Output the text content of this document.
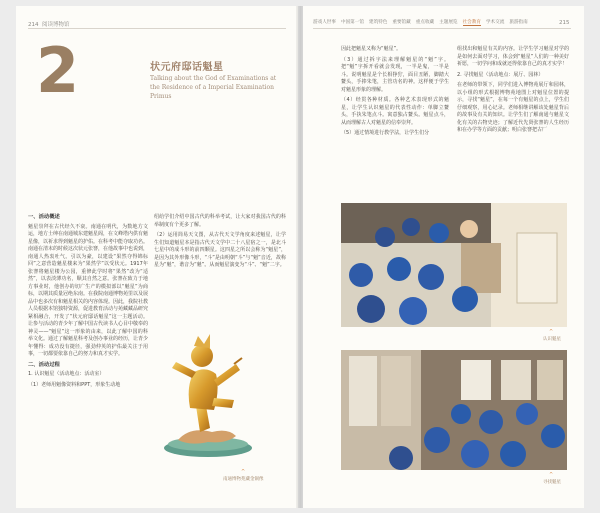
214 阅读博物馆
2	状元府邸话魁星
Talking about the God of Examinations at the Residence of a Imperial Examination Primus
一、活动概述

魁星崇拜在古代经久不衰。南通在明代，为数地方文运，地方士绅在南通城东建魁星阁，在文峰塔内供有魁星像，以祈求得到魁星的护佑。在科考中能夺取功名。南通在清末的时候这次状元张謇，在他故事中也说到，南通人热衷吐气。引以为豪，以建设“果然夺得锦标回”之意营造魁星楼来为“果然学”以受状元。1917年张謇将魁星楼为公园，重修此学时将“果然”改为“适然”，以表淡薄功名，顺其自然之意。张謇在致力于地方事业时，他创办的切广生产的模拟部以“魁星”为商标，以期其质量冠绝东南。在我院南通博物苑里以及展品中也多次有和魁星相关的内容体现。因此，我院社教人员根据本馆独特资源，促进教育活动与苑藏藏品研究紧相融合，开发了“状元府邸话魁星”这一主题活动。让参与活动的青少年了解中国古代读书人心目中敬奉的神灵——“魁星”这一形象的由来，以此了解中国的科举文化。通过了解魁星科考及创办事业的经历，让青少年懂得：成功没有捷径，强劲仲英的护佑最关注于用事，一切都要依靠自己的努力和真才实学。

二、活动过程

1. 认识魁星（活动地点：活动室）

（1）老师用魁像资料和PPT，形象生动地

绍给学们介绍中国古代的科举考试，让大家对我国古代的科举制度有个更多了解。

（2）运用简易天文图，从古代天文学角度来述魁星，让学生们知道魁星本是指古代天文学中二十八星宿之一，是北斗七星中的成斗形的前四颗星。这四星之所以会称为“魁星”，是因为其外形像斗形，“斗”是由明朝“斗”与“魁”音近，故称星为“魁”，谐音为“魁”。从而魁星演变为“斗”、“魁”二字。

^
南通博物苑藏金铜像
游戏人世事 中国第一馆 建筑特色 重要馆藏 重点收藏 主题展览 社会教育 学术交流 旅游指南	215

因此把魁星又称为“魁星”。

（3）通过拆字法来理解魁星的“魁”字。把“魁”字拆开看就会发现，一半是鬼，一半是斗。说明魁星是个长相狰狞，面目丑陋，脚踏大鳌头，手捧朱笔，主管功名的神。这样便于学生对魁星形象的理解。

（4）经贯各种材质。各种艺术表现形式的魁星，让学生认识魁星的代表性动作：单脚立鳌头，手执朱笔点斗。寓意独占鳌头。魁星点斗，从而理解古人对魁星的信奉崇拜。

（5）通过情境进行教学法，让学生们分

组找出和魁星有关的内容。让学生学习魁星对学的是如何去面对学习，体会到“魁星”人们的一种美好祈愿，一切学问和成就还得依靠自己的真才实学！

2. 寻找魁星（活动地点：展厅、园林）

在老师的带领下，同学们进入博物苑展厅和园林，以小组的形式根据博物苑地图上对魁星位置的提示，寻找“魁星”，在每一个有魁星的点上，学生们仔细观察，用心记录。老师相继讲解该处魁星背后的故事及有关的知识。让学生们了解南通与魁星文化有关的古物史迹；了解近代先贤张謇的人生经历和在办学等方面的贡献；明白张謇把古厂

^
认识魁星
^
寻找魁星
